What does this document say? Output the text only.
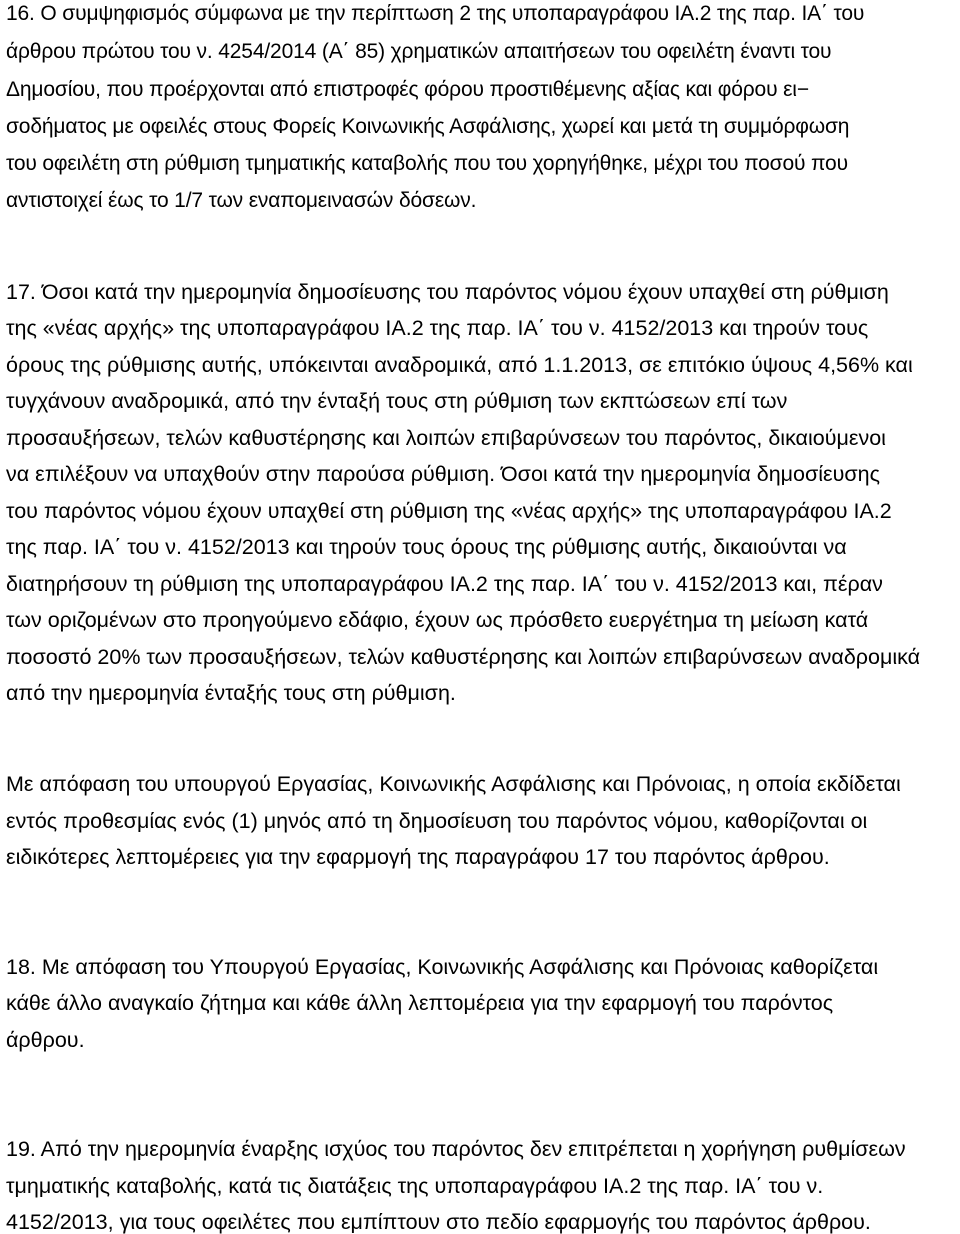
16. Ο συμψηφισμός σύμφωνα με την περίπτωση 2 της υποπαραγράφου ΙΑ.2 της παρ. ΙΑ΄ του

άρθρου πρώτου του ν. 4254/2014 (Α΄ 85) χρηματικών απαιτήσεων του οφειλέτη έναντι του

Δημοσίου, που προέρχονται από επιστροφές φόρου προστιθέμενης αξίας και φόρου ει−

σοδήματος με οφειλές στους Φορείς Κοινωνικής Ασφάλισης, χωρεί και μετά τη συμμόρφωση

του οφειλέτη στη ρύθμιση τμηματικής καταβολής που του χορηγήθηκε, μέχρι του ποσού που

αντιστοιχεί έως το 1/7 των εναπομεινασών δόσεων.

17. Όσοι κατά την ημερομηνία δημοσίευσης του παρόντος νόμου έχουν υπαχθεί στη ρύθμιση

της «νέας αρχής» της υποπαραγράφου ΙΑ.2 της παρ. ΙΑ΄ του ν. 4152/2013 και τηρούν τους

όρους της ρύθμισης αυτής, υπόκεινται αναδρομικά, από 1.1.2013, σε επιτόκιο ύψους 4,56% και

τυγχάνουν αναδρομικά, από την ένταξή τους στη ρύθμιση των εκπτώσεων επί των

προσαυξήσεων, τελών καθυστέρησης και λοιπών επιβαρύνσεων του παρόντος, δικαιούμενοι

να επιλέξουν να υπαχθούν στην παρούσα ρύθμιση. Όσοι κατά την ημερομηνία δημοσίευσης

του παρόντος νόμου έχουν υπαχθεί στη ρύθμιση της «νέας αρχής» της υποπαραγράφου ΙΑ.2

της παρ. ΙΑ΄ του ν. 4152/2013 και τηρούν τους όρους της ρύθμισης αυτής, δικαιούνται να

διατηρήσουν τη ρύθμιση της υποπαραγράφου ΙΑ.2 της παρ. ΙΑ΄ του ν. 4152/2013 και, πέραν

των οριζομένων στο προηγούμενο εδάφιο, έχουν ως πρόσθετο ευεργέτημα τη μείωση κατά

ποσοστό 20% των προσαυξήσεων, τελών καθυστέρησης και λοιπών επιβαρύνσεων αναδρομικά

από την ημερομηνία ένταξής τους στη ρύθμιση.

Με απόφαση του υπουργού Εργασίας, Κοινωνικής Ασφάλισης και Πρόνοιας, η οποία εκδίδεται

εντός προθεσμίας ενός (1) μηνός από τη δημοσίευση του παρόντος νόμου, καθορίζονται οι

ειδικότερες λεπτομέρειες για την εφαρμογή της παραγράφου 17 του παρόντος άρθρου.

18. Με απόφαση του Υπουργού Εργασίας, Κοινωνικής Ασφάλισης και Πρόνοιας καθορίζεται

κάθε άλλο αναγκαίο ζήτημα και κάθε άλλη λεπτομέρεια για την εφαρμογή του παρόντος

άρθρου.

19. Από την ημερομηνία έναρξης ισχύος του παρόντος δεν επιτρέπεται η χορήγηση ρυθμίσεων

τμηματικής καταβολής, κατά τις διατάξεις της υποπαραγράφου ΙΑ.2 της παρ. ΙΑ΄ του ν.

4152/2013, για τους οφειλέτες που εμπίπτουν στο πεδίο εφαρμογής του παρόντος άρθρου.
